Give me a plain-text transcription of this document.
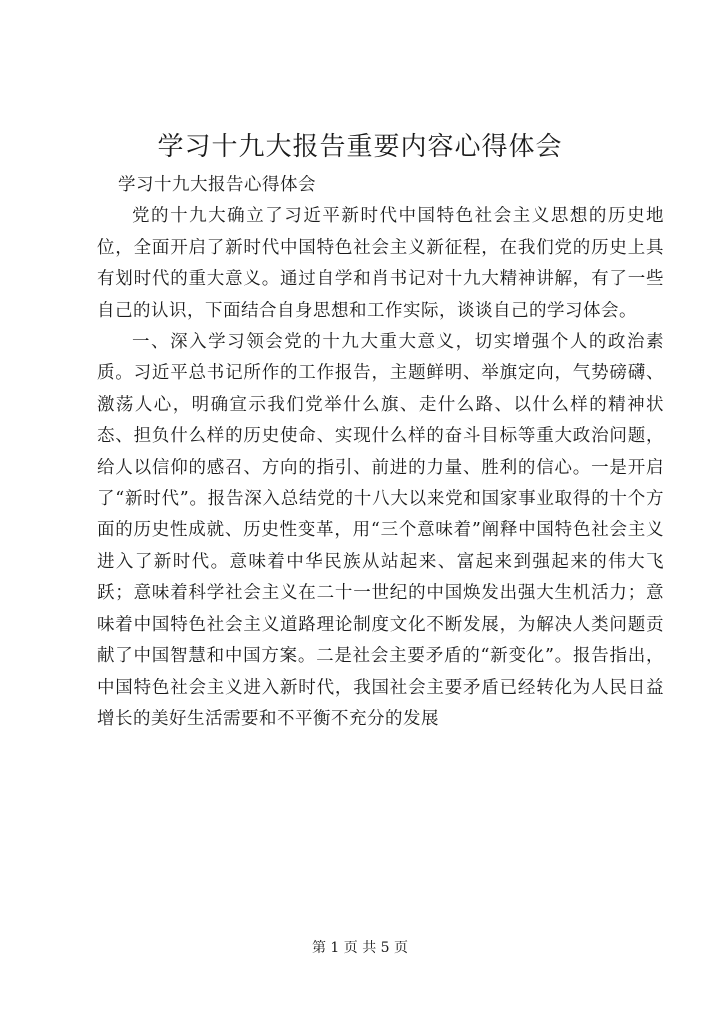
学习十九大报告重要内容心得体会

学习十九大报告心得体会

党的十九大确立了习近平新时代中国特色社会主义思想的历史地位，全面开启了新时代中国特色社会主义新征程，在我们党的历史上具有划时代的重大意义。通过自学和肖书记对十九大精神讲解，有了一些自己的认识，下面结合自身思想和工作实际，谈谈自己的学习体会。

一、深入学习领会党的十九大重大意义，切实增强个人的政治素质。习近平总书记所作的工作报告，主题鲜明、举旗定向，气势磅礴、激荡人心，明确宣示我们党举什么旗、走什么路、以什么样的精神状态、担负什么样的历史使命、实现什么样的奋斗目标等重大政治问题，给人以信仰的感召、方向的指引、前进的力量、胜利的信心。一是开启了“新时代”。报告深入总结党的十八大以来党和国家事业取得的十个方面的历史性成就、历史性变革，用“三个意味着”阐释中国特色社会主义进入了新时代。意味着中华民族从站起来、富起来到强起来的伟大飞跃；意味着科学社会主义在二十一世纪的中国焕发出强大生机活力；意味着中国特色社会主义道路理论制度文化不断发展，为解决人类问题贡献了中国智慧和中国方案。二是社会主要矛盾的“新变化”。报告指出，中国特色社会主义进入新时代，我国社会主要矛盾已经转化为人民日益增长的美好生活需要和不平衡不充分的发展

第 1 页 共 5 页
